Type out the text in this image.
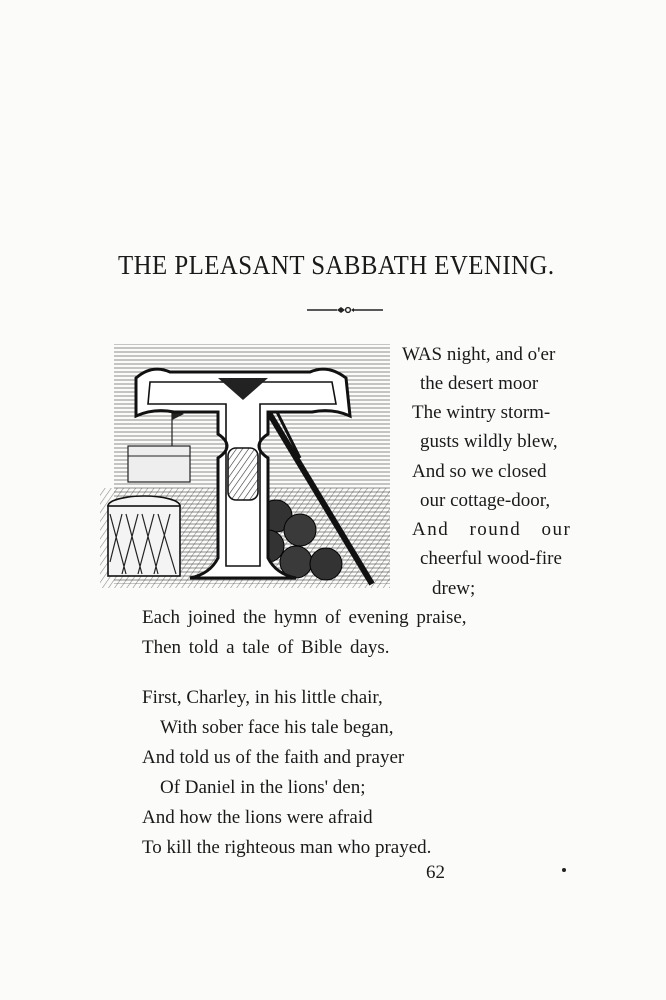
THE PLEASANT SABBATH EVENING.
WAS night, and o'er
the desert moor
The wintry storm-
gusts wildly blew,
And so we closed
our cottage-door,
And round our
cheerful wood-fire
drew;
Each joined the hymn of evening praise,
Then told a tale of Bible days.
First, Charley, in his little chair,
With sober face his tale began,
And told us of the faith and prayer
Of Daniel in the lions' den;
And how the lions were afraid
To kill the righteous man who prayed.
62
